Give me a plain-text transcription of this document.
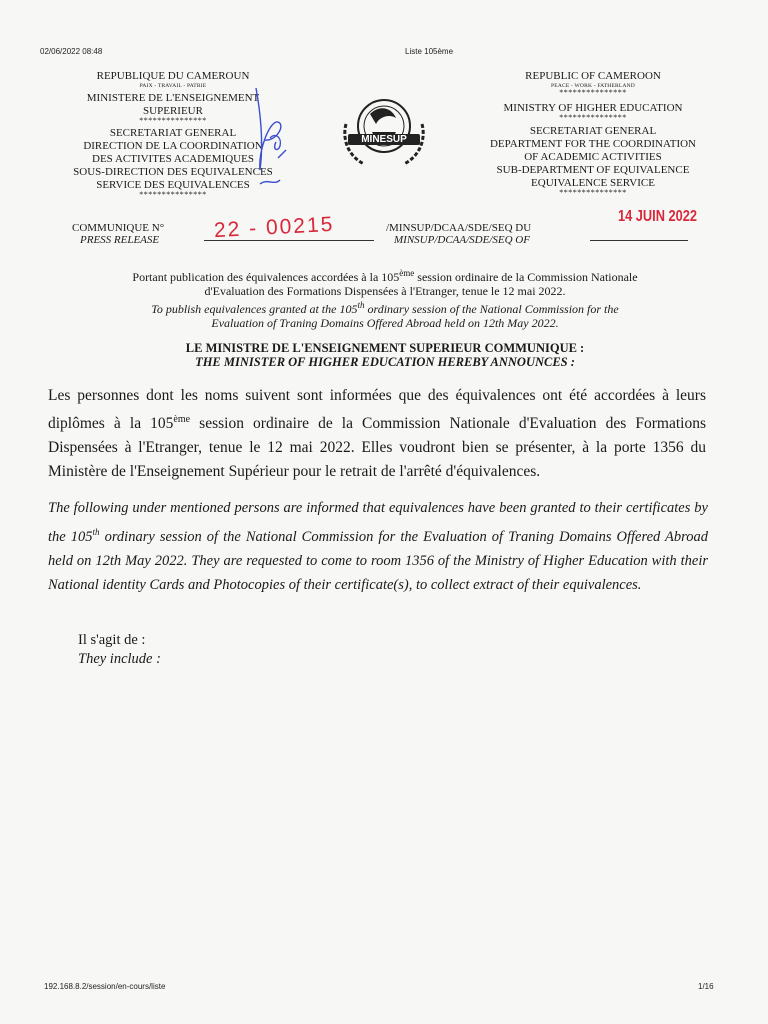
02/06/2022 08:48	Liste 105ème
REPUBLIQUE DU CAMEROUN
PAIX - TRAVAIL - PATRIE
MINISTERE DE L'ENSEIGNEMENT
SUPERIEUR
***************
SECRETARIAT GENERAL
DIRECTION DE LA COORDINATION
DES ACTIVITES ACADEMIQUES
SOUS-DIRECTION DES EQUIVALENCES
SERVICE DES EQUIVALENCES
***************
MINESUP
REPUBLIC OF CAMEROON
PEACE - WORK - FATHERLAND
***************
MINISTRY OF HIGHER EDUCATION
***************
SECRETARIAT GENERAL
DEPARTMENT FOR THE COORDINATION
OF ACADEMIC ACTIVITIES
SUB-DEPARTMENT OF EQUIVALENCE
EQUIVALENCE SERVICE
***************
COMMUNIQUE N°
PRESS RELEASE	22 - 00215	/MINSUP/DCAA/SDE/SEQ DU
MINSUP/DCAA/SDE/SEQ OF
14 JUIN 2022
Portant publication des équivalences accordées à la 105ème session ordinaire de la Commission Nationale
d'Evaluation des Formations Dispensées à l'Etranger, tenue le 12 mai 2022.
To publish equivalences granted at the 105th ordinary session of the National Commission for the
Evaluation of Traning Domains Offered Abroad held on 12th May 2022.
LE MINISTRE DE L'ENSEIGNEMENT SUPERIEUR COMMUNIQUE :
THE MINISTER OF HIGHER EDUCATION HEREBY ANNOUNCES :
Les personnes dont les noms suivent sont informées que des équivalences ont été accordées à leurs diplômes à la 105ème session ordinaire de la Commission Nationale d'Evaluation des Formations Dispensées à l'Etranger, tenue le 12 mai 2022. Elles voudront bien se présenter, à la porte 1356 du Ministère de l'Enseignement Supérieur pour le retrait de l'arrêté d'équivalences.
The following under mentioned persons are informed that equivalences have been granted to their certificates by the 105th ordinary session of the National Commission for the Evaluation of Traning Domains Offered Abroad held on 12th May 2022. They are requested to come to room 1356 of the Ministry of Higher Education with their National identity Cards and Photocopies of their certificate(s), to collect extract of their equivalences.
Il s'agit de :
They include :
192.168.8.2/session/en-cours/liste	1/16
